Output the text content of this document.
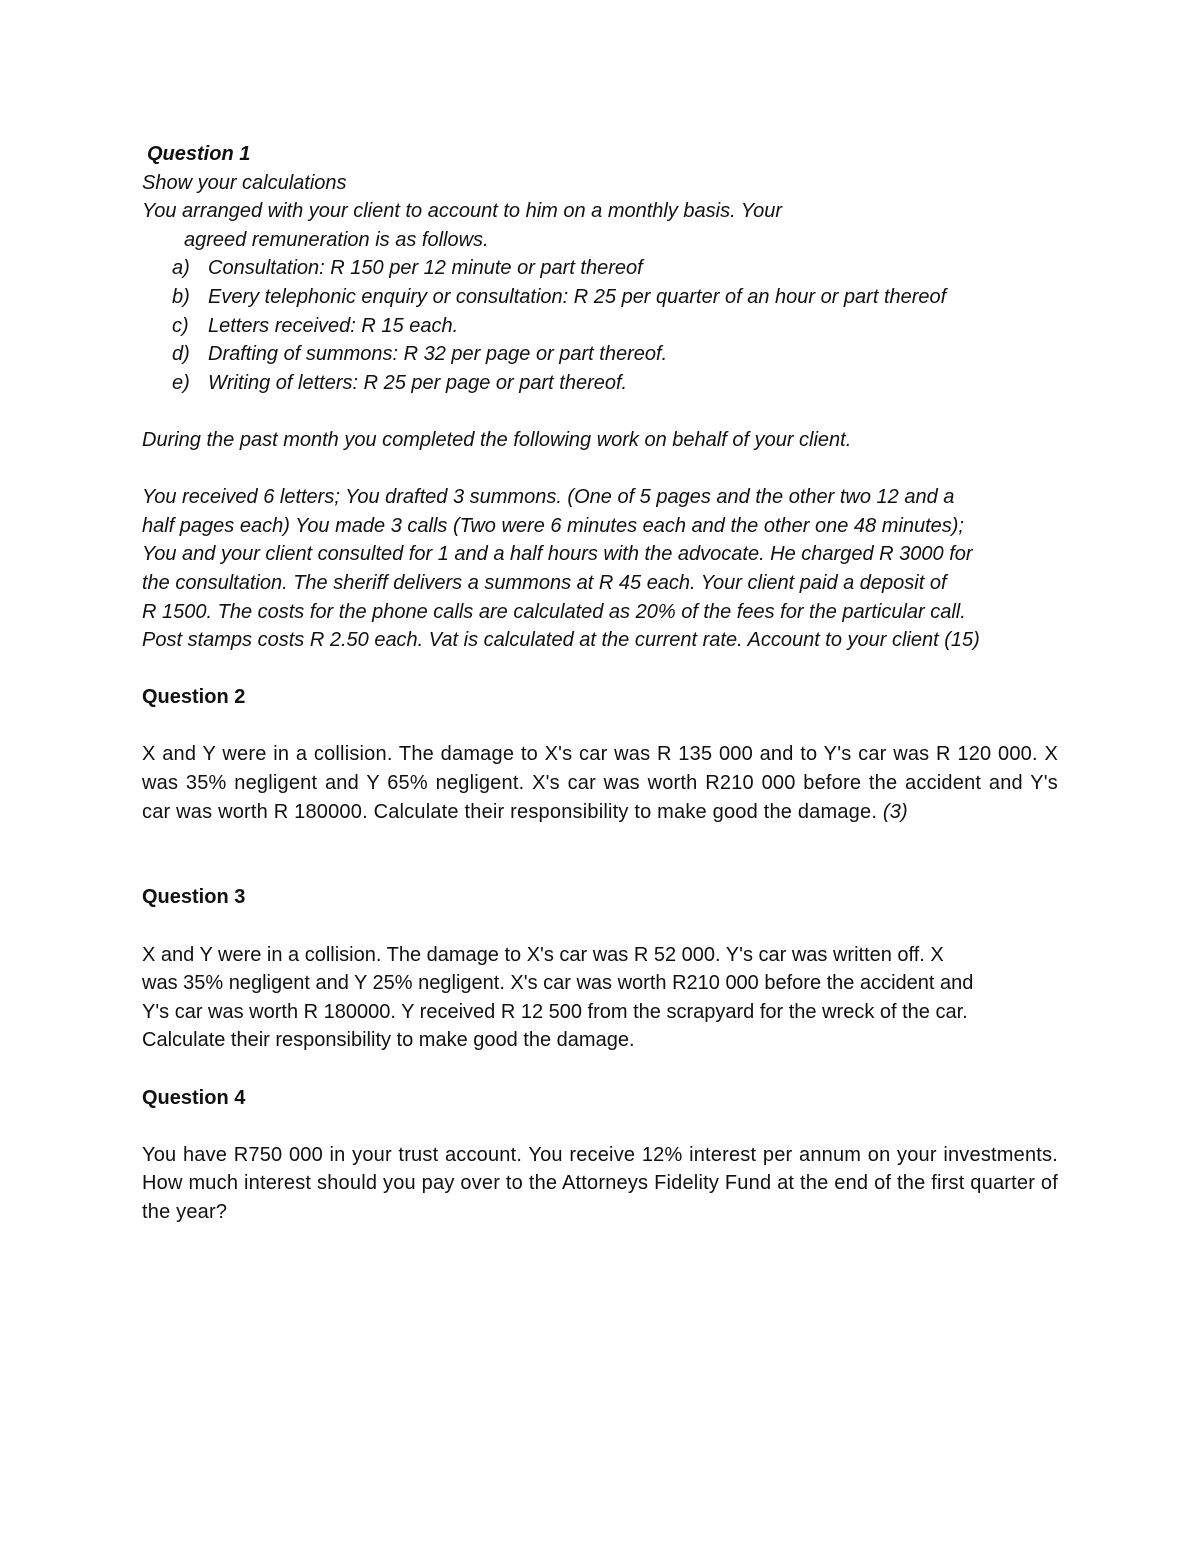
Question 1

Show your calculations

You arranged with your client to account to him on a monthly basis. Your

agreed remuneration is as follows.

a) Consultation: R 150 per 12 minute or part thereof
b) Every telephonic enquiry or consultation: R 25 per quarter of an hour or part thereof
c) Letters received: R 15 each.
d) Drafting of summons: R 32 per page or part thereof.
e) Writing of letters: R 25 per page or part thereof.

During the past month you completed the following work on behalf of your client.

You received 6 letters; You drafted 3 summons. (One of 5 pages and the other two 12 and a

half pages each) You made 3 calls (Two were 6 minutes each and the other one 48 minutes);

You and your client consulted for 1 and a half hours with the advocate. He charged R 3000 for

the consultation. The sheriff delivers a summons at R 45 each. Your client paid a deposit of

R 1500. The costs for the phone calls are calculated as 20% of the fees for the particular call.

Post stamps costs R 2.50 each. Vat is calculated at the current rate. Account to your client (15)

Question 2

X and Y were in a collision. The damage to X's car was R 135 000 and to Y's car was R 120 000. X was 35% negligent and Y 65% negligent. X's car was worth R210 000 before the accident and Y's car was worth R 180000. Calculate their responsibility to make good the damage. (3)

Question 3

X and Y were in a collision. The damage to X's car was R 52 000. Y's car was written off. X

was 35% negligent and Y 25% negligent. X's car was worth R210 000 before the accident and

Y's car was worth R 180000. Y received R 12 500 from the scrapyard for the wreck of the car.

Calculate their responsibility to make good the damage.

Question 4

You have R750 000 in your trust account. You receive 12% interest per annum on your investments. How much interest should you pay over to the Attorneys Fidelity Fund at the end of the first quarter of the year?
